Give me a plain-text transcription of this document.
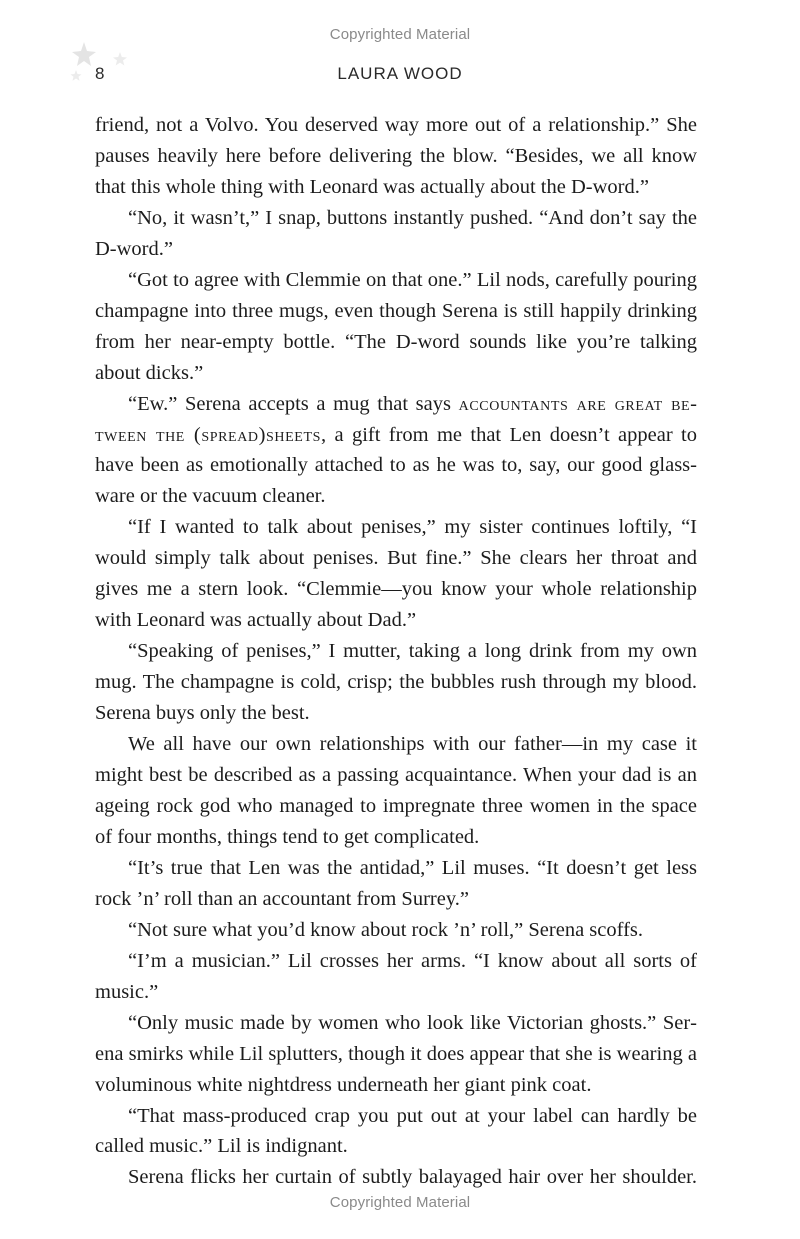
Copyrighted Material
8	LAURA WOOD

friend, not a Volvo. You deserved way more out of a relationship.” She pauses heavily here before delivering the blow. “Besides, we all know that this whole thing with Leonard was actually about the D-word.”

“No, it wasn’t,” I snap, buttons instantly pushed. “And don’t say the D-word.”

“Got to agree with Clemmie on that one.” Lil nods, carefully pouring champagne into three mugs, even though Serena is still happily drinking from her near-empty bottle. “The D-word sounds like you’re talking about dicks.”

“Ew.” Serena accepts a mug that says accountants are great between the (spread)sheets, a gift from me that Len doesn’t appear to have been as emotionally attached to as he was to, say, our good glassware or the vacuum cleaner.

“If I wanted to talk about penises,” my sister continues loftily, “I would simply talk about penises. But fine.” She clears her throat and gives me a stern look. “Clemmie—you know your whole relationship with Leonard was actually about Dad.”

“Speaking of penises,” I mutter, taking a long drink from my own mug. The champagne is cold, crisp; the bubbles rush through my blood. Serena buys only the best.

We all have our own relationships with our father—in my case it might best be described as a passing acquaintance. When your dad is an ageing rock god who managed to impregnate three women in the space of four months, things tend to get complicated.

“It’s true that Len was the antidad,” Lil muses. “It doesn’t get less rock ’n’ roll than an accountant from Surrey.”

“Not sure what you’d know about rock ’n’ roll,” Serena scoffs.

“I’m a musician.” Lil crosses her arms. “I know about all sorts of music.”

“Only music made by women who look like Victorian ghosts.” Serena smirks while Lil splutters, though it does appear that she is wearing a voluminous white nightdress underneath her giant pink coat.

“That mass-produced crap you put out at your label can hardly be called music.” Lil is indignant.

Serena flicks her curtain of subtly balayaged hair over her shoulder.

Copyrighted Material
